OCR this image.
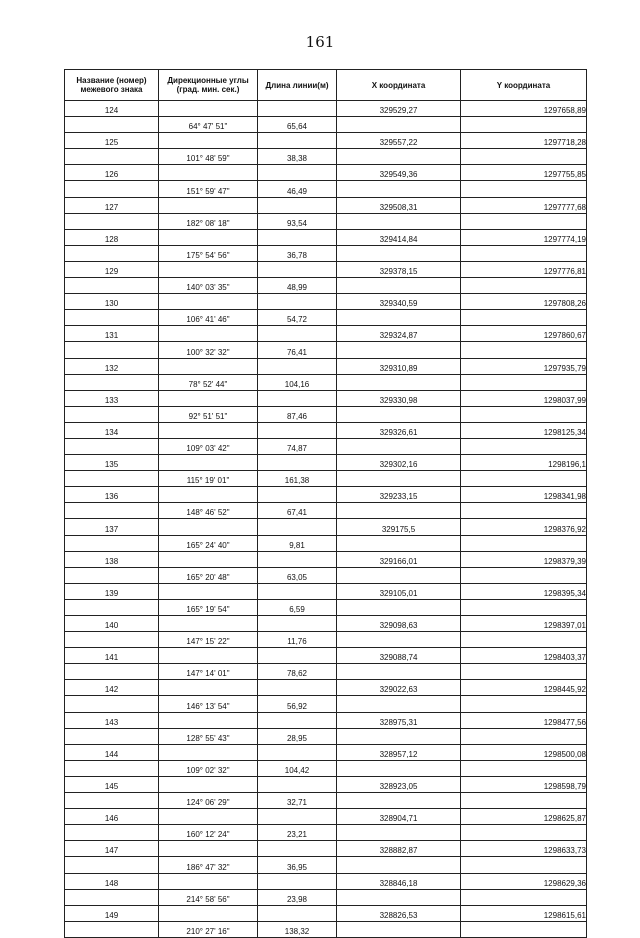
161
Название (номер) межевого знака	Дирекционные углы (град. мин. сек.)	Длина линии(м)	X координата	Y координата
124			329529,27	1297658,89
	64° 47' 51"	65,64		
125			329557,22	1297718,28
	101° 48' 59"	38,38		
126			329549,36	1297755,85
	151° 59' 47"	46,49		
127			329508,31	1297777,68
	182° 08' 18"	93,54		
128			329414,84	1297774,19
	175° 54' 56"	36,78		
129			329378,15	1297776,81
	140° 03' 35"	48,99		
130			329340,59	1297808,26
	106° 41' 46"	54,72		
131			329324,87	1297860,67
	100° 32' 32"	76,41		
132			329310,89	1297935,79
	78° 52' 44"	104,16		
133			329330,98	1298037,99
	92° 51' 51"	87,46		
134			329326,61	1298125,34
	109° 03' 42"	74,87		
135			329302,16	1298196,1
	115° 19' 01"	161,38		
136			329233,15	1298341,98
	148° 46' 52"	67,41		
137			329175,5	1298376,92
	165° 24' 40"	9,81		
138			329166,01	1298379,39
	165° 20' 48"	63,05		
139			329105,01	1298395,34
	165° 19' 54"	6,59		
140			329098,63	1298397,01
	147° 15' 22"	11,76		
141			329088,74	1298403,37
	147° 14' 01"	78,62		
142			329022,63	1298445,92
	146° 13' 54"	56,92		
143			328975,31	1298477,56
	128° 55' 43"	28,95		
144			328957,12	1298500,08
	109° 02' 32"	104,42		
145			328923,05	1298598,79
	124° 06' 29"	32,71		
146			328904,71	1298625,87
	160° 12' 24"	23,21		
147			328882,87	1298633,73
	186° 47' 32"	36,95		
148			328846,18	1298629,36
	214° 58' 56"	23,98		
149			328826,53	1298615,61
	210° 27' 16"	138,32		
